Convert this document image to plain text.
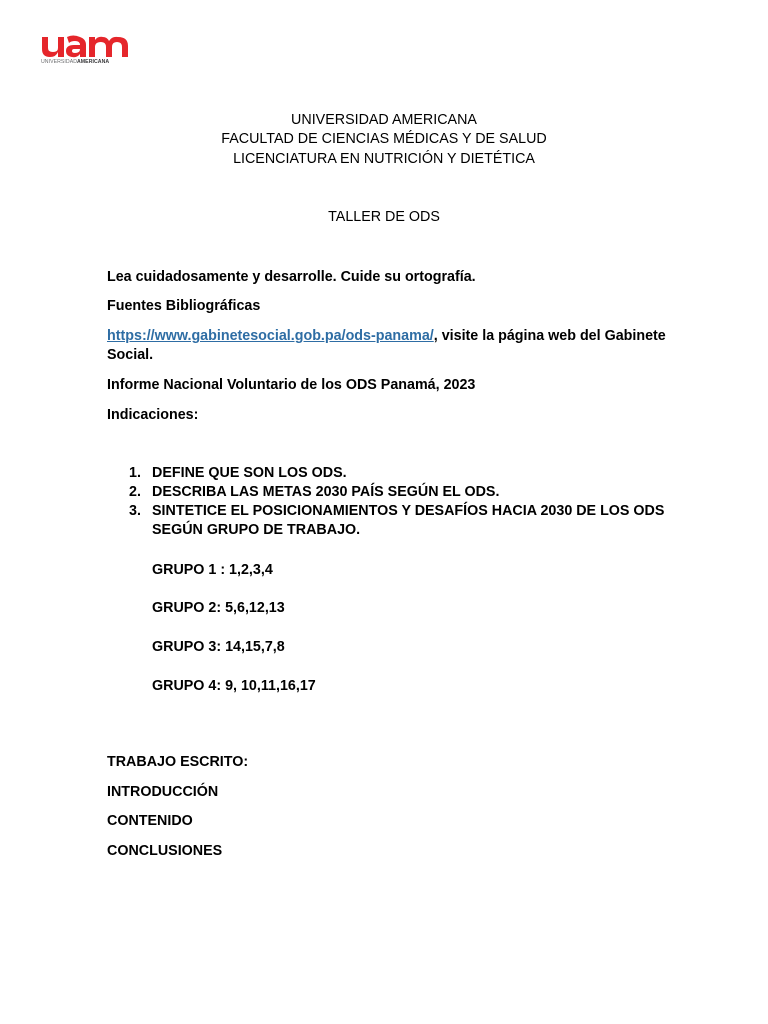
UNIVERSIDADAMERICANA
UNIVERSIDAD AMERICANA
FACULTAD DE CIENCIAS MÉDICAS Y DE SALUD
LICENCIATURA EN NUTRICIÓN Y DIETÉTICA
TALLER DE ODS
Lea cuidadosamente y desarrolle. Cuide su ortografía.
Fuentes Bibliográficas
https://www.gabinetesocial.gob.pa/ods-panama/, visite la página web del Gabinete Social.
Informe Nacional Voluntario de los ODS Panamá, 2023
Indicaciones:
1. DEFINE QUE SON LOS ODS.
2. DESCRIBA LAS METAS 2030 PAÍS SEGÚN EL ODS.
3. SINTETICE EL POSICIONAMIENTOS Y DESAFÍOS HACIA 2030 DE LOS ODS SEGÚN GRUPO DE TRABAJO.
GRUPO 1 : 1,2,3,4
GRUPO 2: 5,6,12,13
GRUPO 3: 14,15,7,8
GRUPO 4: 9, 10,11,16,17
TRABAJO ESCRITO:
INTRODUCCIÓN
CONTENIDO
CONCLUSIONES
